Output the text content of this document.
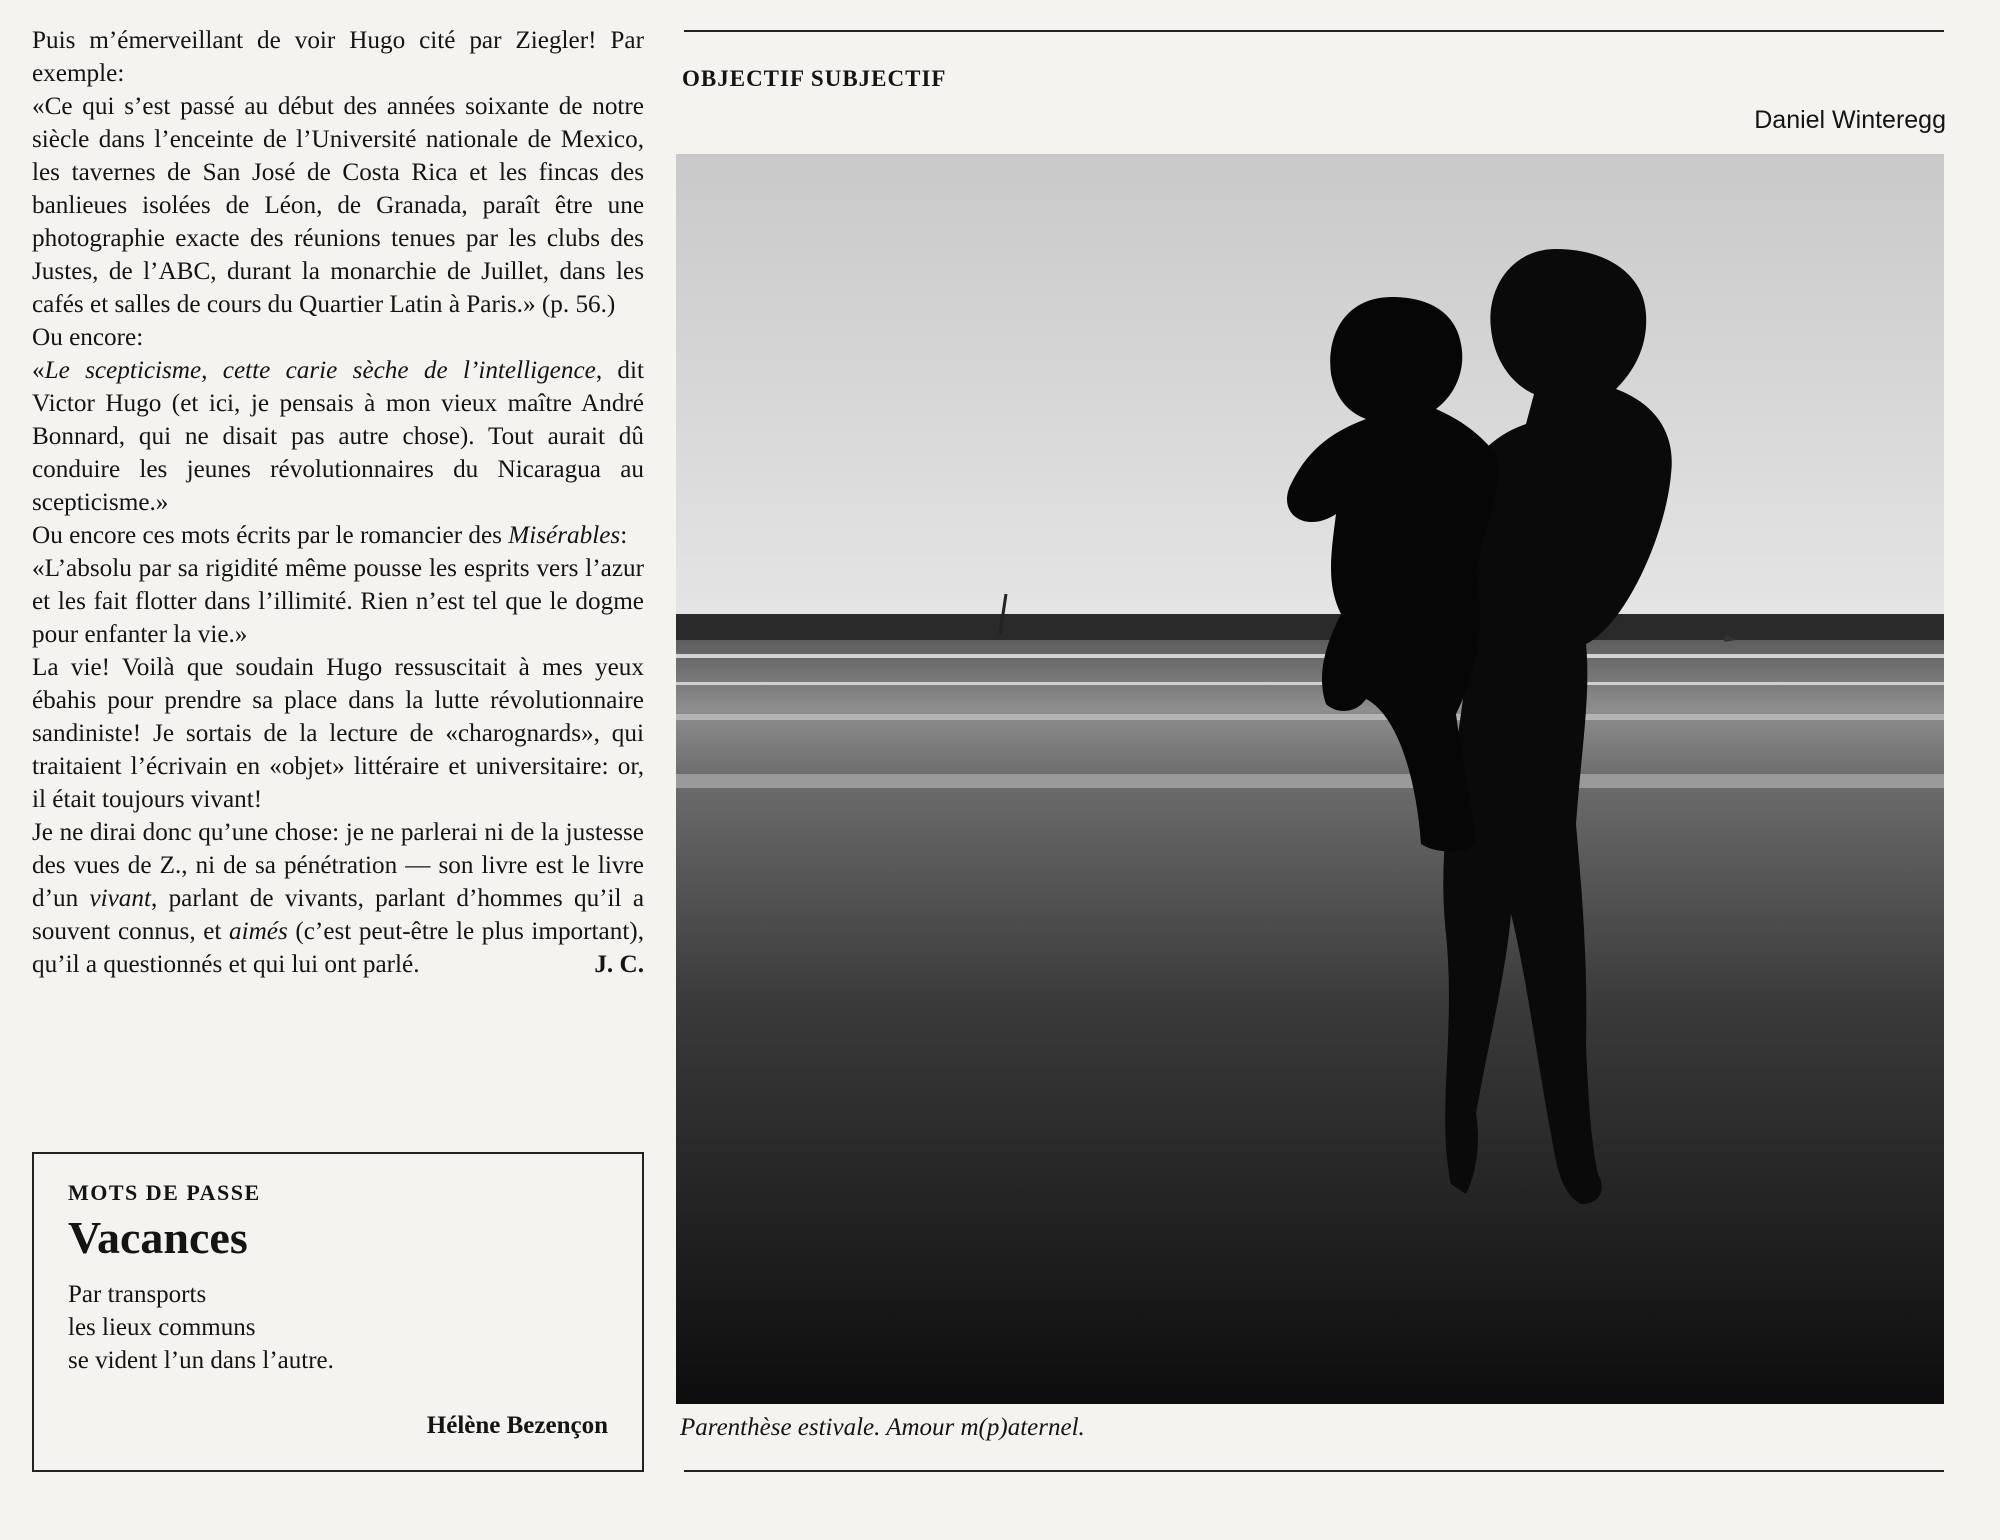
Puis m’émerveillant de voir Hugo cité par Ziegler! Par exemple:

«Ce qui s’est passé au début des années soixante de notre siècle dans l’enceinte de l’Université nationale de Mexico, les tavernes de San José de Costa Rica et les fincas des banlieues isolées de Léon, de Granada, paraît être une photographie exacte des réunions tenues par les clubs des Justes, de l’ABC, durant la monarchie de Juillet, dans les cafés et salles de cours du Quartier Latin à Paris.» (p. 56.)

Ou encore:

«Le scepticisme, cette carie sèche de l’intelligence, dit Victor Hugo (et ici, je pensais à mon vieux maître André Bonnard, qui ne disait pas autre chose). Tout aurait dû conduire les jeunes révolutionnaires du Nicaragua au scepticisme.»

Ou encore ces mots écrits par le romancier des Misérables:

«L’absolu par sa rigidité même pousse les esprits vers l’azur et les fait flotter dans l’illimité. Rien n’est tel que le dogme pour enfanter la vie.»

La vie! Voilà que soudain Hugo ressuscitait à mes yeux ébahis pour prendre sa place dans la lutte révolutionnaire sandiniste! Je sortais de la lecture de «charognards», qui traitaient l’écrivain en «objet» littéraire et universitaire: or, il était toujours vivant!

Je ne dirai donc qu’une chose: je ne parlerai ni de la justesse des vues de Z., ni de sa pénétration — son livre est le livre d’un vivant, parlant de vivants, parlant d’hommes qu’il a souvent connus, et aimés (c’est peut-être le plus important), qu’il a questionnés et qui lui ont parlé.	J. C.

MOTS DE PASSE
Vacances
Par transports
les lieux communs
se vident l’un dans l’autre.
Hélène Bezençon
OBJECTIF SUBJECTIF
Daniel Winteregg
Parenthèse estivale. Amour m(p)aternel.
